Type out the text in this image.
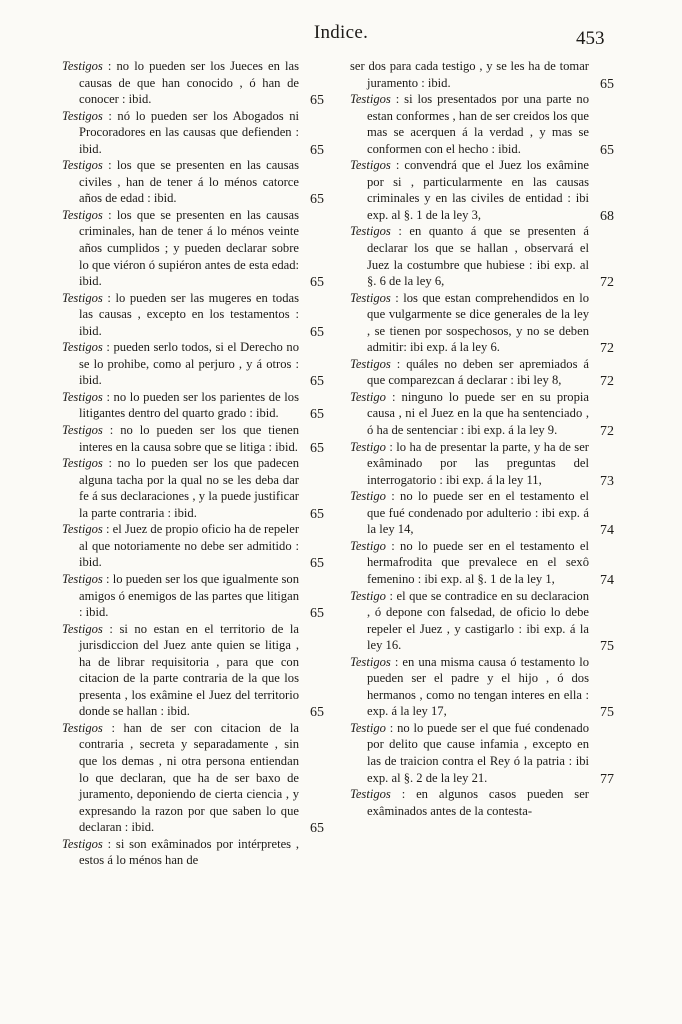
Indice.	453
Testigos : no lo pueden ser los Jueces en las causas de que han conocido , ó han de conocer : ibid.	65
Testigos : nó lo pueden ser los Abogados ni Procoradores en las causas que defienden : ibid.	65
Testigos : los que se presenten en las causas civiles , han de tener á lo ménos catorce años de edad : ibid.	65
Testigos : los que se presenten en las causas criminales, han de tener á lo ménos veinte años cumplidos ; y pueden declarar sobre lo que viéron ó supiéron antes de esta edad: ibid.	65
Testigos : lo pueden ser las mugeres en todas las causas , excepto en los testamentos : ibid.	65
Testigos : pueden serlo todos, si el Derecho no se lo prohibe, como al perjuro , y á otros : ibid.	65
Testigos : no lo pueden ser los parientes de los litigantes dentro del quarto grado : ibid. 65
Testigos : no lo pueden ser los que tienen interes en la causa sobre que se litiga : ibid. 65
Testigos : no lo pueden ser los que padecen alguna tacha por la qual no se les deba dar fe á sus declaraciones , y la puede justificar la parte contraria : ibid.	65
Testigos : el Juez de propio oficio ha de repeler al que notoriamente no debe ser admitido : ibid.	65
Testigos : lo pueden ser los que igualmente son amigos ó enemigos de las partes que litigan : ibid.	65
Testigos : si no estan en el territorio de la jurisdiccion del Juez ante quien se litiga , ha de librar requisitoria , para que con citacion de la parte contraria de la que los presenta , los exâmine el Juez del territorio donde se hallan : ibid.	65
Testigos : han de ser con citacion de la contraria , secreta y separadamente , sin que los demas , ni otra persona entiendan lo que declaran, que ha de ser baxo de juramento, deponiendo de cierta ciencia , y expresando la razon por que saben lo que declaran : ibid.	65
Testigos : si son exâminados por intérpretes , estos á lo ménos han de
ser dos para cada testigo , y se les ha de tomar juramento : ibid.	65
Testigos : si los presentados por una parte no estan conformes , han de ser creidos los que mas se acerquen á la verdad , y mas se conformen con el hecho : ibid.	65
Testigos : convendrá que el Juez los exâmine por si , particularmente en las causas criminales y en las civiles de entidad : ibi exp. al §. 1 de la ley 3,	68
Testigos : en quanto á que se presenten á declarar los que se hallan , observará el Juez la costumbre que hubiese : ibi exp. al §. 6 de la ley 6,	72
Testigos : los que estan comprehendidos en lo que vulgarmente se dice generales de la ley , se tienen por sospechosos, y no se deben admitir: ibi exp. á la ley 6.	72
Testigos : quáles no deben ser apremiados á que comparezcan á declarar : ibi ley 8,	72
Testigo : ninguno lo puede ser en su propia causa , ni el Juez en la que ha sentenciado , ó ha de sentenciar : ibi exp. á la ley 9.	72
Testigo : lo ha de presentar la parte, y ha de ser exâminado por las preguntas del interrogatorio : ibi exp. á la ley 11,	73
Testigo : no lo puede ser en el testamento el que fué condenado por adulterio : ibi exp. á la ley 14,	74
Testigo : no lo puede ser en el testamento el hermafrodita que prevalece en el sexô femenino : ibi exp. al §. 1 de la ley 1,	74
Testigo : el que se contradice en su declaracion , ó depone con falsedad, de oficio lo debe repeler el Juez , y castigarlo : ibi exp. á la ley 16.	75
Testigos : en una misma causa ó testamento lo pueden ser el padre y el hijo , ó dos hermanos , como no tengan interes en ella : exp. á la ley 17,	75
Testigo : no lo puede ser el que fué condenado por delito que cause infamia , excepto en las de traicion contra el Rey ó la patria : ibi exp. al §. 2 de la ley 21.	77
Testigos : en algunos casos pueden ser exâminados antes de la contesta-
